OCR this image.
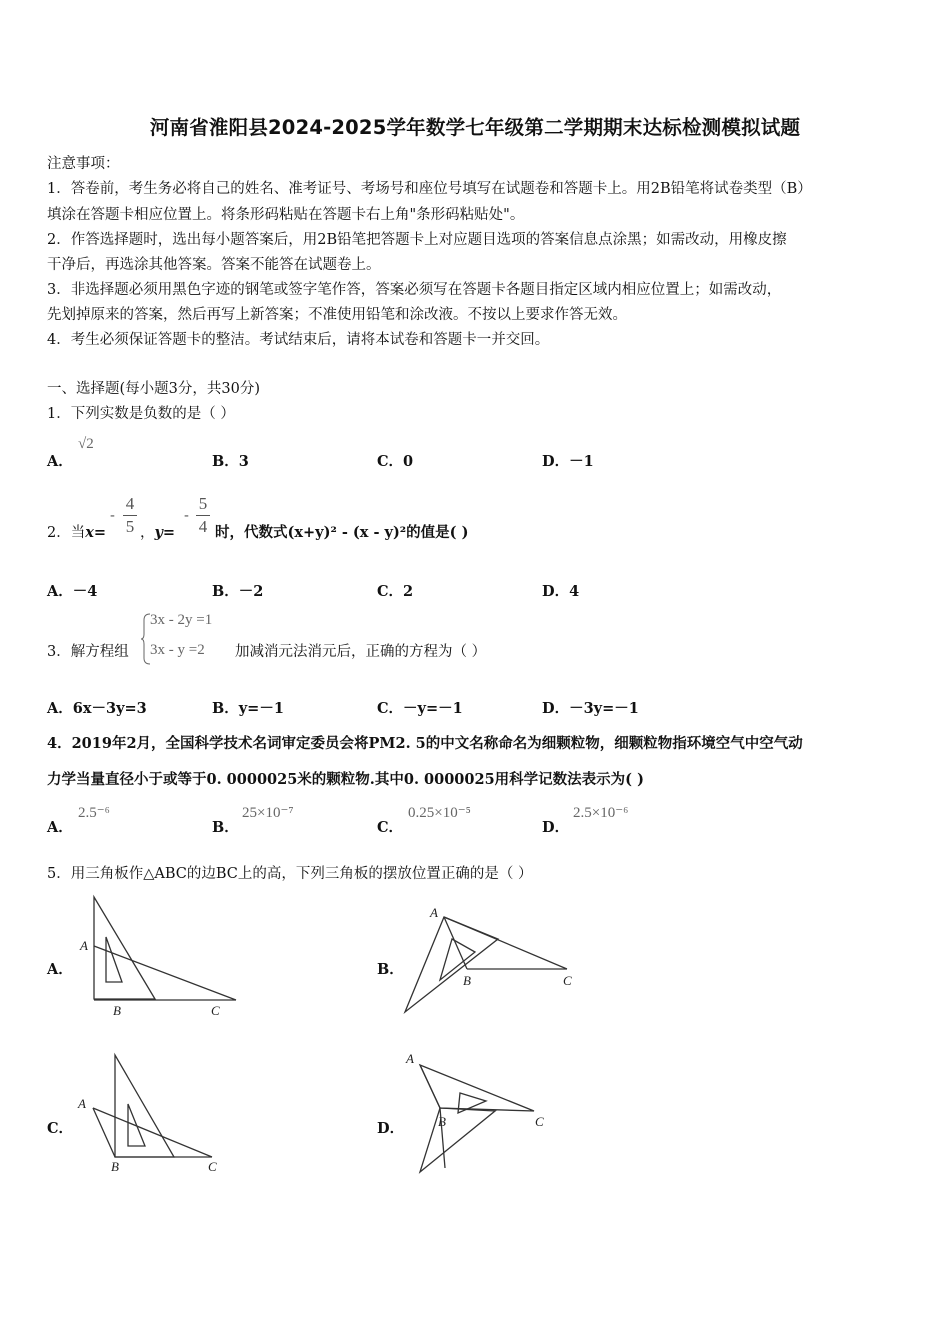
河南省淮阳县2024-2025学年数学七年级第二学期期末达标检测模拟试题
注意事项：
1．答卷前，考生务必将自己的姓名、准考证号、考场号和座位号填写在试题卷和答题卡上。用2B铅笔将试卷类型（B）
填涂在答题卡相应位置上。将条形码粘贴在答题卡右上角"条形码粘贴处"。
2．作答选择题时，选出每小题答案后，用2B铅笔把答题卡上对应题目选项的答案信息点涂黑；如需改动，用橡皮擦
干净后，再选涂其他答案。答案不能答在试题卷上。
3．非选择题必须用黑色字迹的钢笔或签字笔作答，答案必须写在答题卡各题目指定区域内相应位置上；如需改动，
先划掉原来的答案，然后再写上新答案；不准使用铅笔和涂改液。不按以上要求作答无效。
4．考生必须保证答题卡的整洁。考试结束后，请将本试卷和答题卡一并交回。
一、选择题(每小题3分，共30分)
1．下列实数是负数的是（ ）
A．
√2
B．3	C．0	D．－1
2．当x=
-
4
5 ，y=
-
5
4 时，代数式(x+y)² - (x - y)²的值是( )
A．－4	B．－2	C．2	D．4
3．解方程组
3x - 2y =1
3x - y =2 加减消元法消元后，正确的方程为（ ）
A．6x－3y=3	B．y=－1	C．－y=－1	D．－3y=－1
4．2019年2月，全国科学技术名词审定委员会将PM2. 5的中文名称命名为细颗粒物，细颗粒物指环境空气中空气动
力学当量直径小于或等于0. 0000025米的颗粒物.其中0. 0000025用科学记数法表示为( )
A．
2.5⁻⁶
B．
25×10⁻⁷
C．
0.25×10⁻⁵
D．
2.5×10⁻⁶
5．用三角板作△ABC的边BC上的高，下列三角板的摆放位置正确的是（ ）
A．
A
B	C
B．
A
B	C
C．
A
B	C
D．
A
B	C
